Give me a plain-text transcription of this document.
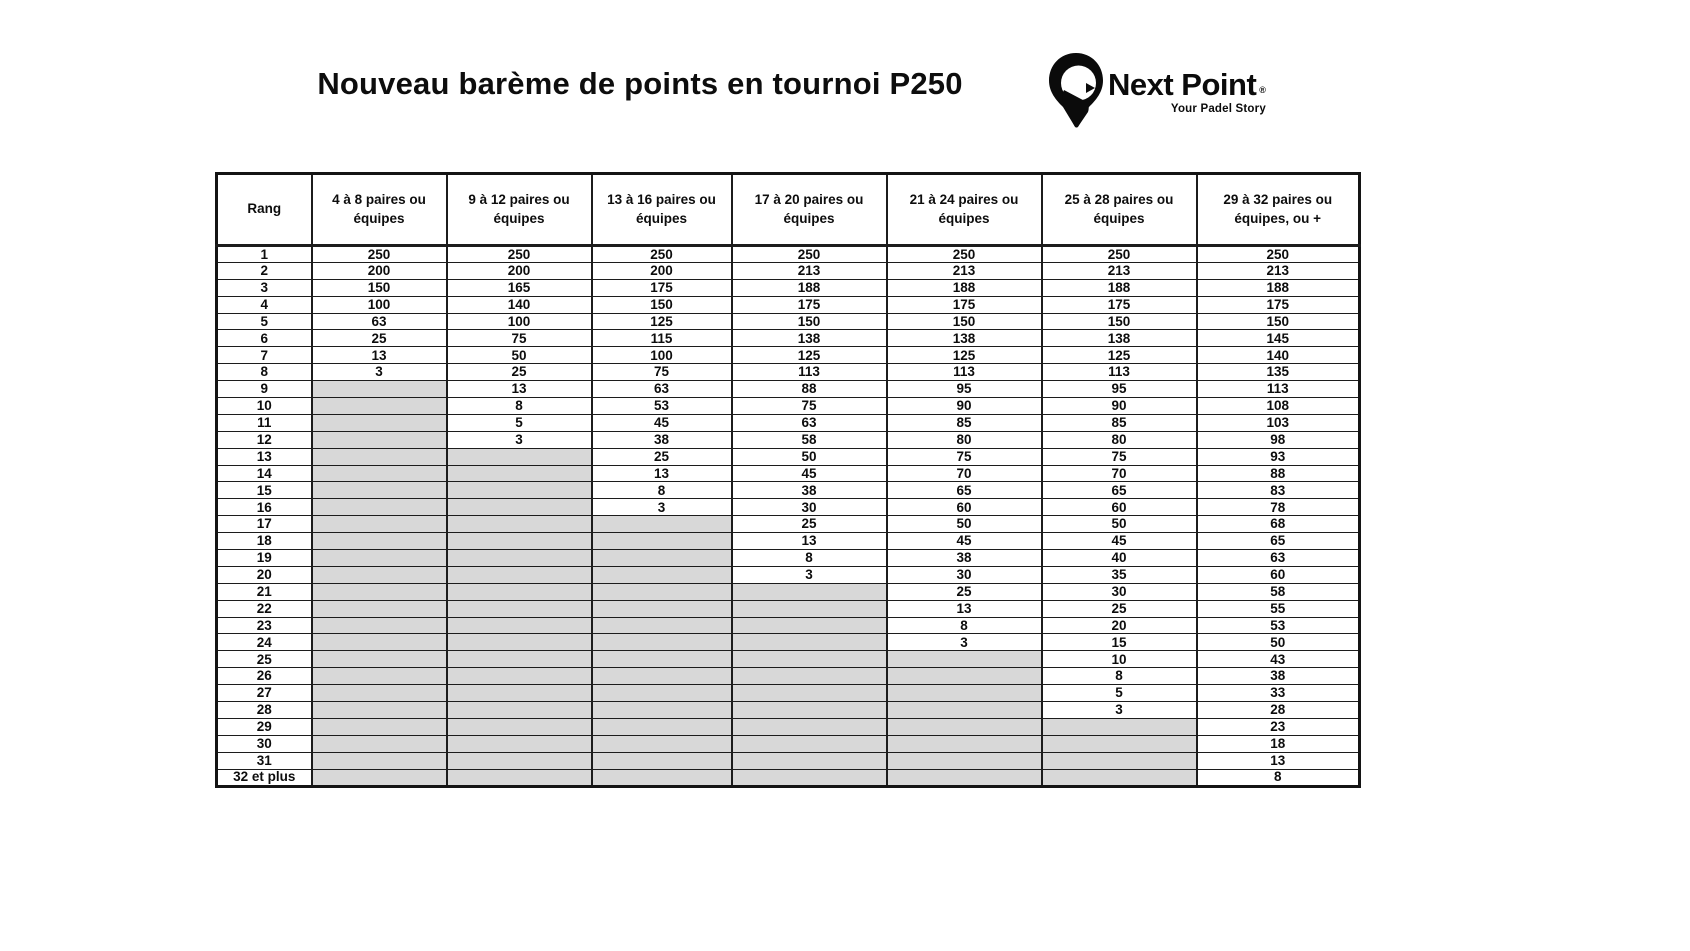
Nouveau barème de points en tournoi P250	Next Point ®
Your Padel Story
Rang	4 à 8 paires ou équipes	9 à 12 paires ou équipes	13 à 16 paires ou équipes	17 à 20 paires ou équipes	21 à 24 paires ou équipes	25 à 28 paires ou équipes	29 à 32 paires ou équipes, ou +
1	250	250	250	250	250	250	250
2	200	200	200	213	213	213	213
3	150	165	175	188	188	188	188
4	100	140	150	175	175	175	175
5	63	100	125	150	150	150	150
6	25	75	115	138	138	138	145
7	13	50	100	125	125	125	140
8	3	25	75	113	113	113	135
9		13	63	88	95	95	113
10		8	53	75	90	90	108
11		5	45	63	85	85	103
12		3	38	58	80	80	98
13			25	50	75	75	93
14			13	45	70	70	88
15			8	38	65	65	83
16			3	30	60	60	78
17				25	50	50	68
18				13	45	45	65
19				8	38	40	63
20				3	30	35	60
21					25	30	58
22					13	25	55
23					8	20	53
24					3	15	50
25						10	43
26						8	38
27						5	33
28						3	28
29							23
30							18
31							13
32 et plus							8
